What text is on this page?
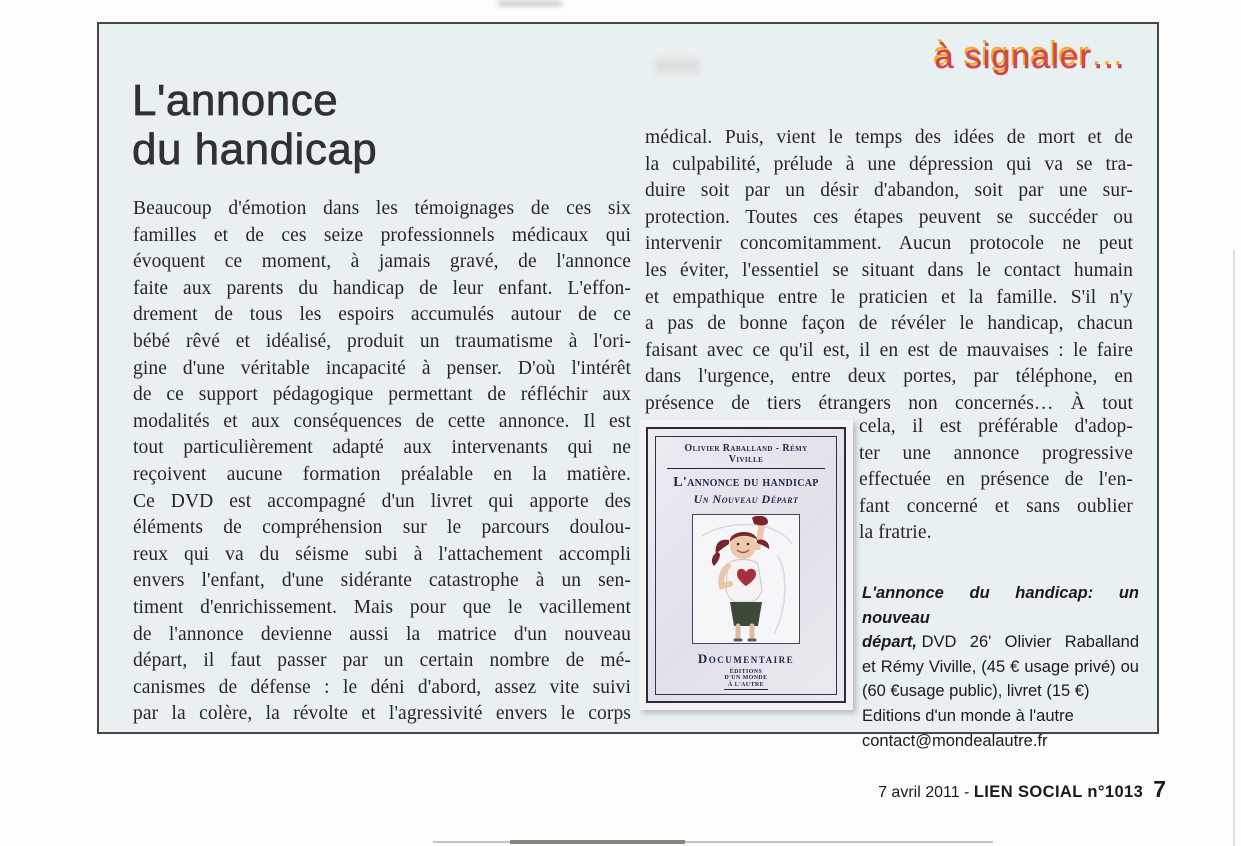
à signaler…
L'annonce
du handicap
Beaucoup d'émotion dans les témoignages de ces six
familles et de ces seize professionnels médicaux qui
évoquent ce moment, à jamais gravé, de l'annonce
faite aux parents du handicap de leur enfant. L'effon-
drement de tous les espoirs accumulés autour de ce
bébé rêvé et idéalisé, produit un traumatisme à l'ori-
gine d'une véritable incapacité à penser. D'où l'intérêt
de ce support pédagogique permettant de réfléchir aux
modalités et aux conséquences de cette annonce. Il est
tout particulièrement adapté aux intervenants qui ne
reçoivent aucune formation préalable en la matière.
Ce DVD est accompagné d'un livret qui apporte des
éléments de compréhension sur le parcours doulou-
reux qui va du séisme subi à l'attachement accompli
envers l'enfant, d'une sidérante catastrophe à un sen-
timent d'enrichissement. Mais pour que le vacillement
de l'annonce devienne aussi la matrice d'un nouveau
départ, il faut passer par un certain nombre de mé-
canismes de défense : le déni d'abord, assez vite suivi
par la colère, la révolte et l'agressivité envers le corps
médical. Puis, vient le temps des idées de mort et de
la culpabilité, prélude à une dépression qui va se tra-
duire soit par un désir d'abandon, soit par une sur-
protection. Toutes ces étapes peuvent se succéder ou
intervenir concomitamment. Aucun protocole ne peut
les éviter, l'essentiel se situant dans le contact humain
et empathique entre le praticien et la famille. S'il n'y
a pas de bonne façon de révéler le handicap, chacun
faisant avec ce qu'il est, il en est de mauvaises : le faire
dans l'urgence, entre deux portes, par téléphone, en
présence de tiers étrangers non concernés… À tout
cela, il est préférable d'adop-
ter une annonce progressive
effectuée en présence de l'en-
fant concerné et sans oublier
la fratrie.
Olivier Raballand - Rémy Viville
L'annonce du handicap
Un Nouveau Départ
Documentaire
ÉDITIONS
D'UN MONDE
À L'AUTRE
L'annonce du handicap: un nouveau
départ, DVD 26' Olivier Raballand
et Rémy Viville, (45 € usage privé) ou
(60 €usage public), livret (15 €)
Editions d'un monde à l'autre
contact@mondealautre.fr
7 avril 2011 - LIEN SOCIAL n°1013 7
